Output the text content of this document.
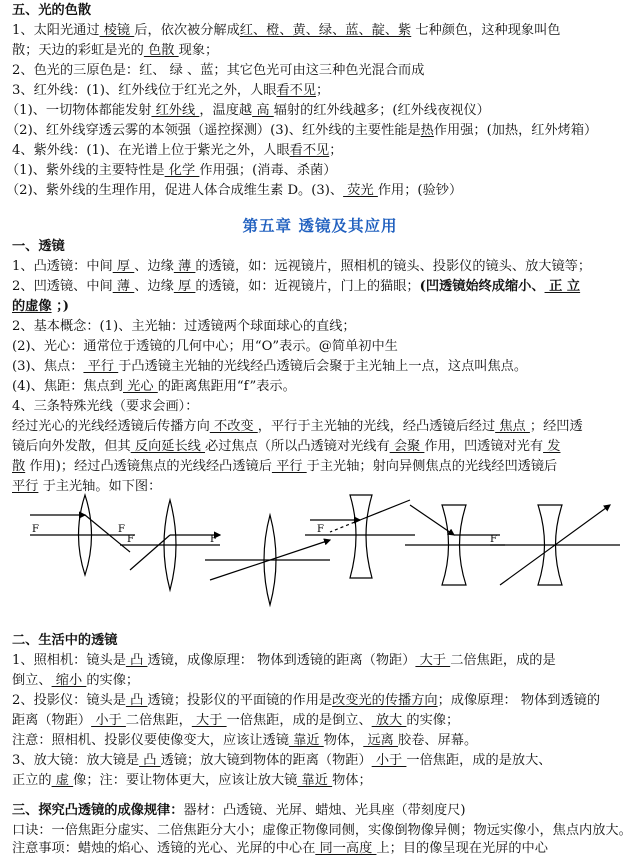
五、光的色散
1、太阳光通过 棱镜 后，依次被分解成红、橙、黄、绿、蓝、靛、紫 七种颜色，这种现象叫色
散；天边的彩虹是光的 色散 现象；
2、色光的三原色是：红、 绿 、蓝；其它色光可由这三种色光混合而成
3、红外线：(1)、红外线位于红光之外，人眼看不见；
（1)、一切物体都能发射 红外线 ，温度越 高 辐射的红外线越多；(红外线夜视仪）
（2)、红外线穿透云雾的本领强（遥控探测）(3)、红外线的主要性能是热作用强；(加热，红外烤箱）
4、紫外线：(1)、在光谱上位于紫光之外，人眼看不见；
（1)、紫外线的主要特性是 化学 作用强；(消毒、杀菌）
（2)、紫外线的生理作用，促进人体合成维生素 D。(3)、 荧光 作用；(验钞）
第五章 透镜及其应用
一、透镜
1、凸透镜：中间 厚 、边缘 薄 的透镜，如：远视镜片，照相机的镜头、投影仪的镜头、放大镜等；
2、凹透镜、中间 薄 、边缘 厚 的透镜，如：近视镜片，门上的猫眼；(凹透镜始终成缩小、 正 立
的虚像 ；)
2、基本概念：(1)、主光轴：过透镜两个球面球心的直线；
(2)、光心：通常位于透镜的几何中心；用“O”表示。@简单初中生
(3)、焦点： 平行 于凸透镜主光轴的光线经凸透镜后会聚于主光轴上一点，这点叫焦点。
(4)、焦距：焦点到 光心 的距离焦距用“f”表示。
4、三条特殊光线（要求会画）：
经过光心的光线经透镜后传播方向 不改变 ，平行于主光轴的光线，经凸透镜后经过 焦点 ；经凹透
镜后向外发散，但其 反向延长线 必过焦点（所以凸透镜对光线有 会聚 作用，凹透镜对光有 发
散 作用)；经过凸透镜焦点的光线经凸透镜后 平行 于主光轴；射向异侧焦点的光线经凹透镜后
平行 于主光轴。如下图：
F	F
F	F
F
F
二、生活中的透镜
1、照相机：镜头是 凸 透镜，成像原理： 物体到透镜的距离（物距） 大于 二倍焦距，成的是
倒立、 缩小 的实像；
2、投影仪：镜头是 凸 透镜；投影仪的平面镜的作用是改变光的传播方向；成像原理： 物体到透镜的
距离（物距） 小于 二倍焦距， 大于 一倍焦距，成的是倒立、 放大 的实像；
注意：照相机、投影仪要使像变大，应该让透镜 靠近 物体， 远离 胶卷、屏幕。
3、放大镜：放大镜是 凸 透镜；放大镜到物体的距离（物距） 小于 一倍焦距，成的是放大、
正立的 虚 像；注：要让物体更大，应该让放大镜 靠近 物体；
三、探究凸透镜的成像规律：器材：凸透镜、光屏、蜡烛、光具座（带刻度尺)
口诀：一倍焦距分虚实、二倍焦距分大小；虚像正物像同侧，实像倒物像异侧；物远实像小，焦点内放大。
注意事项：蜡烛的焰心、透镜的光心、光屏的中心在 同一高度 上；目的像呈现在光屏的中心
